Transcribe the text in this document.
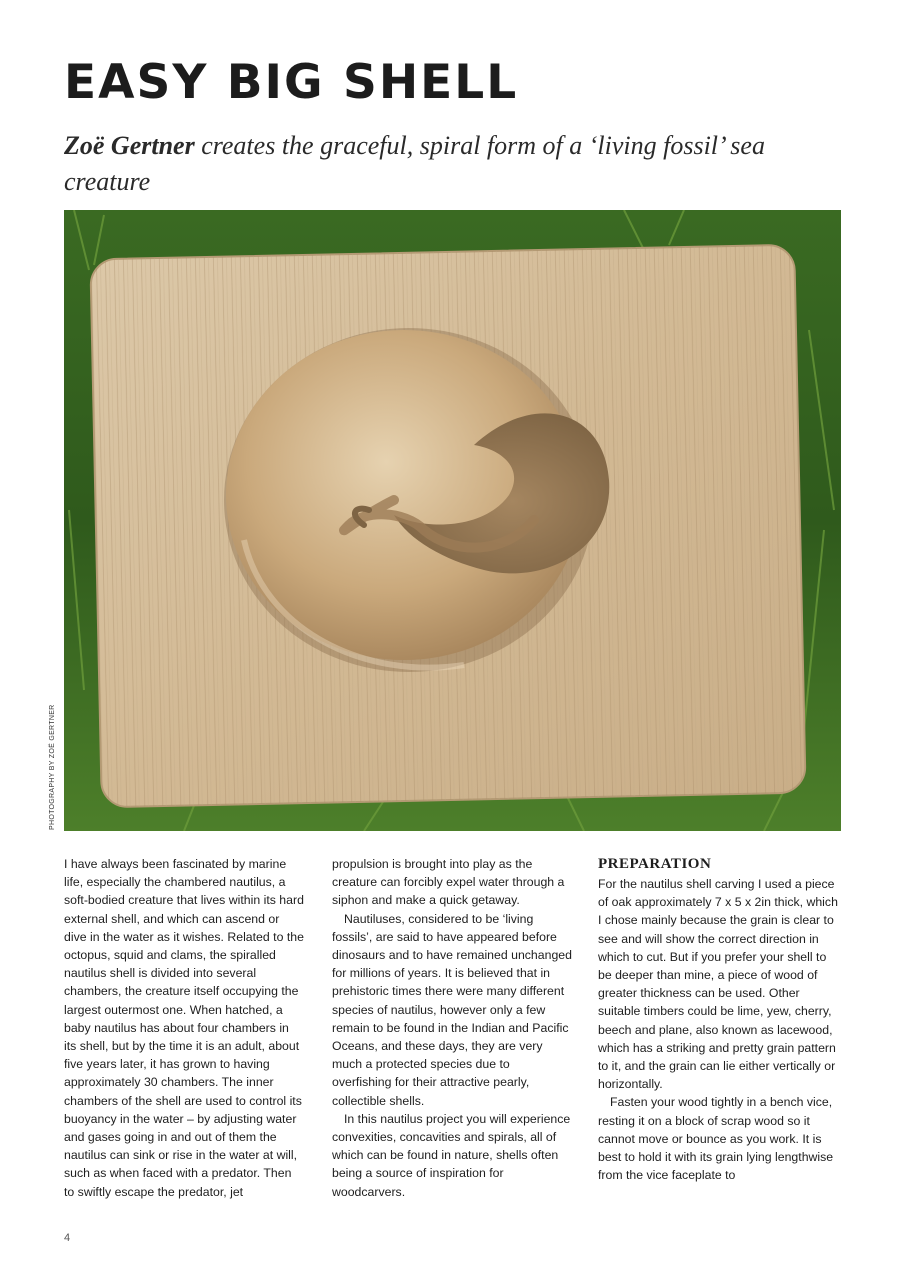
EASY BIG SHELL

Zoë Gertner creates the graceful, spiral form of a ‘living fossil’ sea creature

PHOTOGRAPHY BY ZOË GERTNER

I have always been fascinated by marine life, especially the chambered nautilus, a soft-bodied creature that lives within its hard external shell, and which can ascend or dive in the water as it wishes. Related to the octopus, squid and clams, the spiralled nautilus shell is divided into several chambers, the creature itself occupying the largest outermost one. When hatched, a baby nautilus has about four chambers in its shell, but by the time it is an adult, about five years later, it has grown to having approximately 30 chambers. The inner chambers of the shell are used to control its buoyancy in the water – by adjusting water and gases going in and out of them the nautilus can sink or rise in the water at will, such as when faced with a predator. Then to swiftly escape the predator, jet

propulsion is brought into play as the creature can forcibly expel water through a siphon and make a quick getaway.

Nautiluses, considered to be ‘living fossils’, are said to have appeared before dinosaurs and to have remained unchanged for millions of years. It is believed that in prehistoric times there were many different species of nautilus, however only a few remain to be found in the Indian and Pacific Oceans, and these days, they are very much a protected species due to overfishing for their attractive pearly, collectible shells.

In this nautilus project you will experience convexities, concavities and spirals, all of which can be found in nature, shells often being a source of inspiration for woodcarvers.

PREPARATION

For the nautilus shell carving I used a piece of oak approximately 7 x 5 x 2in thick, which I chose mainly because the grain is clear to see and will show the correct direction in which to cut. But if you prefer your shell to be deeper than mine, a piece of wood of greater thickness can be used. Other suitable timbers could be lime, yew, cherry, beech and plane, also known as lacewood, which has a striking and pretty grain pattern to it, and the grain can lie either vertically or horizontally.

Fasten your wood tightly in a bench vice, resting it on a block of scrap wood so it cannot move or bounce as you work. It is best to hold it with its grain lying lengthwise from the vice faceplate to

4
